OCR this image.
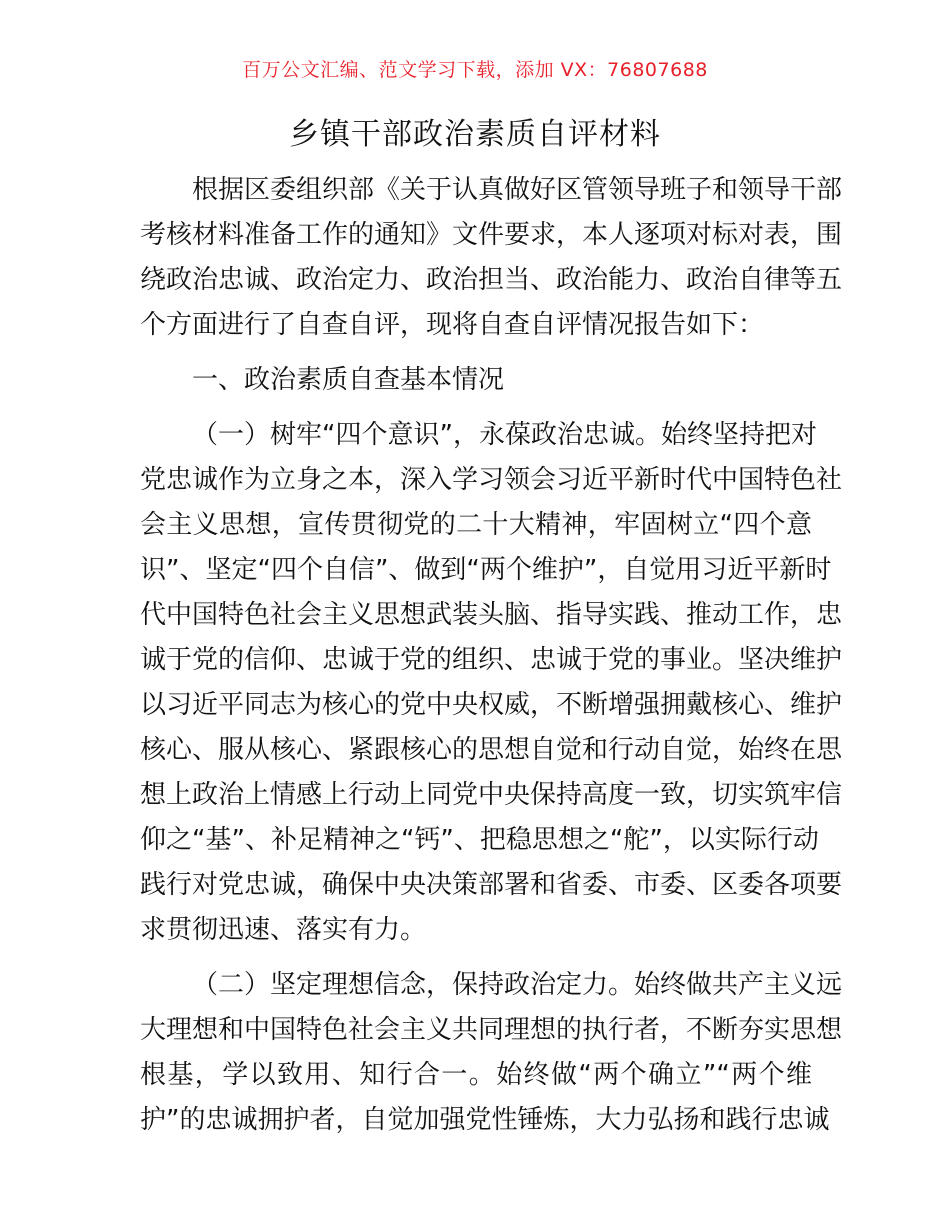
百万公文汇编、范文学习下载，添加 VX：76807688
乡镇干部政治素质自评材料

根据区委组织部《关于认真做好区管领导班子和领导干部
考核材料准备工作的通知》文件要求，本人逐项对标对表，围
绕政治忠诚、政治定力、政治担当、政治能力、政治自律等五
个方面进行了自查自评，现将自查自评情况报告如下：

一、政治素质自查基本情况

（一）树牢“四个意识”，永葆政治忠诚。始终坚持把对
党忠诚作为立身之本，深入学习领会习近平新时代中国特色社
会主义思想，宣传贯彻党的二十大精神，牢固树立“四个意
识”、坚定“四个自信”、做到“两个维护”，自觉用习近平新时
代中国特色社会主义思想武装头脑、指导实践、推动工作，忠
诚于党的信仰、忠诚于党的组织、忠诚于党的事业。坚决维护
以习近平同志为核心的党中央权威，不断增强拥戴核心、维护
核心、服从核心、紧跟核心的思想自觉和行动自觉，始终在思
想上政治上情感上行动上同党中央保持高度一致，切实筑牢信
仰之“基”、补足精神之“钙”、把稳思想之“舵”，以实际行动
践行对党忠诚，确保中央决策部署和省委、市委、区委各项要
求贯彻迅速、落实有力。

（二）坚定理想信念，保持政治定力。始终做共产主义远
大理想和中国特色社会主义共同理想的执行者，不断夯实思想
根基，学以致用、知行合一。始终做“两个确立”“两个维
护”的忠诚拥护者，自觉加强党性锤炼，大力弘扬和践行忠诚
